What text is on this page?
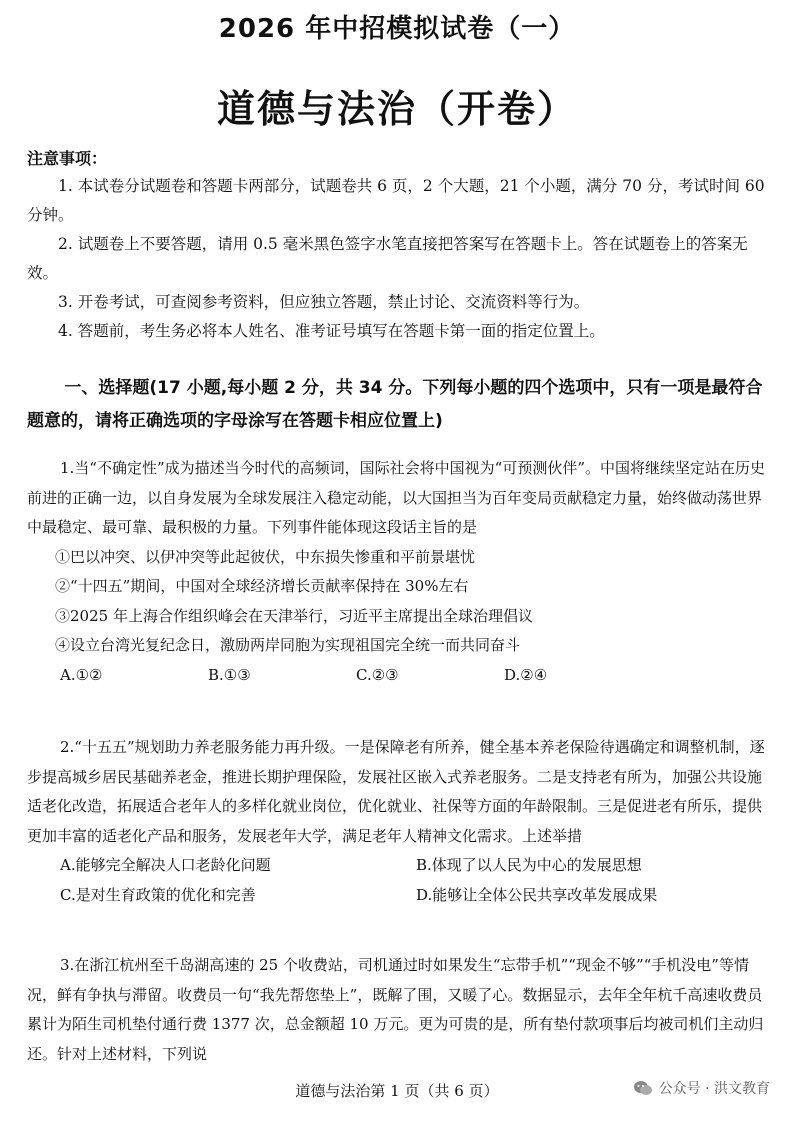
2026 年中招模拟试卷（一）
道德与法治（开卷）
注意事项：

1. 本试卷分试题卷和答题卡两部分，试题卷共 6 页，2 个大题，21 个小题，满分 70 分，考试时间 60 分钟。

2. 试题卷上不要答题，请用 0.5 毫米黑色签字水笔直接把答案写在答题卡上。答在试题卷上的答案无效。

3. 开卷考试，可查阅参考资料，但应独立答题，禁止讨论、交流资料等行为。

4. 答题前，考生务必将本人姓名、准考证号填写在答题卡第一面的指定位置上。

一、选择题(17 小题,每小题 2 分，共 34 分。下列每小题的四个选项中，只有一项是最符合题意的，请将正确选项的字母涂写在答题卡相应位置上)

1.当“不确定性”成为描述当今时代的高频词，国际社会将中国视为“可预测伙伴”。中国将继续坚定站在历史前进的正确一边，以自身发展为全球发展注入稳定动能，以大国担当为百年变局贡献稳定力量，始终做动荡世界中最稳定、最可靠、最积极的力量。下列事件能体现这段话主旨的是

①巴以冲突、以伊冲突等此起彼伏，中东损失惨重和平前景堪忧

②“十四五”期间，中国对全球经济增长贡献率保持在 30%左右

③2025 年上海合作组织峰会在天津举行，习近平主席提出全球治理倡议

④设立台湾光复纪念日，激励两岸同胞为实现祖国完全统一而共同奋斗

A.①②	B.①③	C.②③	D.②④

2.“十五五”规划助力养老服务能力再升级。一是保障老有所养，健全基本养老保险待遇确定和调整机制，逐步提高城乡居民基础养老金，推进长期护理保险，发展社区嵌入式养老服务。二是支持老有所为，加强公共设施适老化改造，拓展适合老年人的多样化就业岗位，优化就业、社保等方面的年龄限制。三是促进老有所乐，提供更加丰富的适老化产品和服务，发展老年大学，满足老年人精神文化需求。上述举措

A.能够完全解决人口老龄化问题	B.体现了以人民为中心的发展思想

C.是对生育政策的优化和完善	D.能够让全体公民共享改革发展成果

3.在浙江杭州至千岛湖高速的 25 个收费站，司机通过时如果发生“忘带手机”“现金不够”“手机没电”等情况，鲜有争执与滞留。收费员一句“我先帮您垫上”，既解了围，又暖了心。数据显示，去年全年杭千高速收费员累计为陌生司机垫付通行费 1377 次，总金额超 10 万元。更为可贵的是，所有垫付款项事后均被司机们主动归还。针对上述材料，下列说

道德与法治第 1 页（共 6 页）	公众号 · 洪文教育
